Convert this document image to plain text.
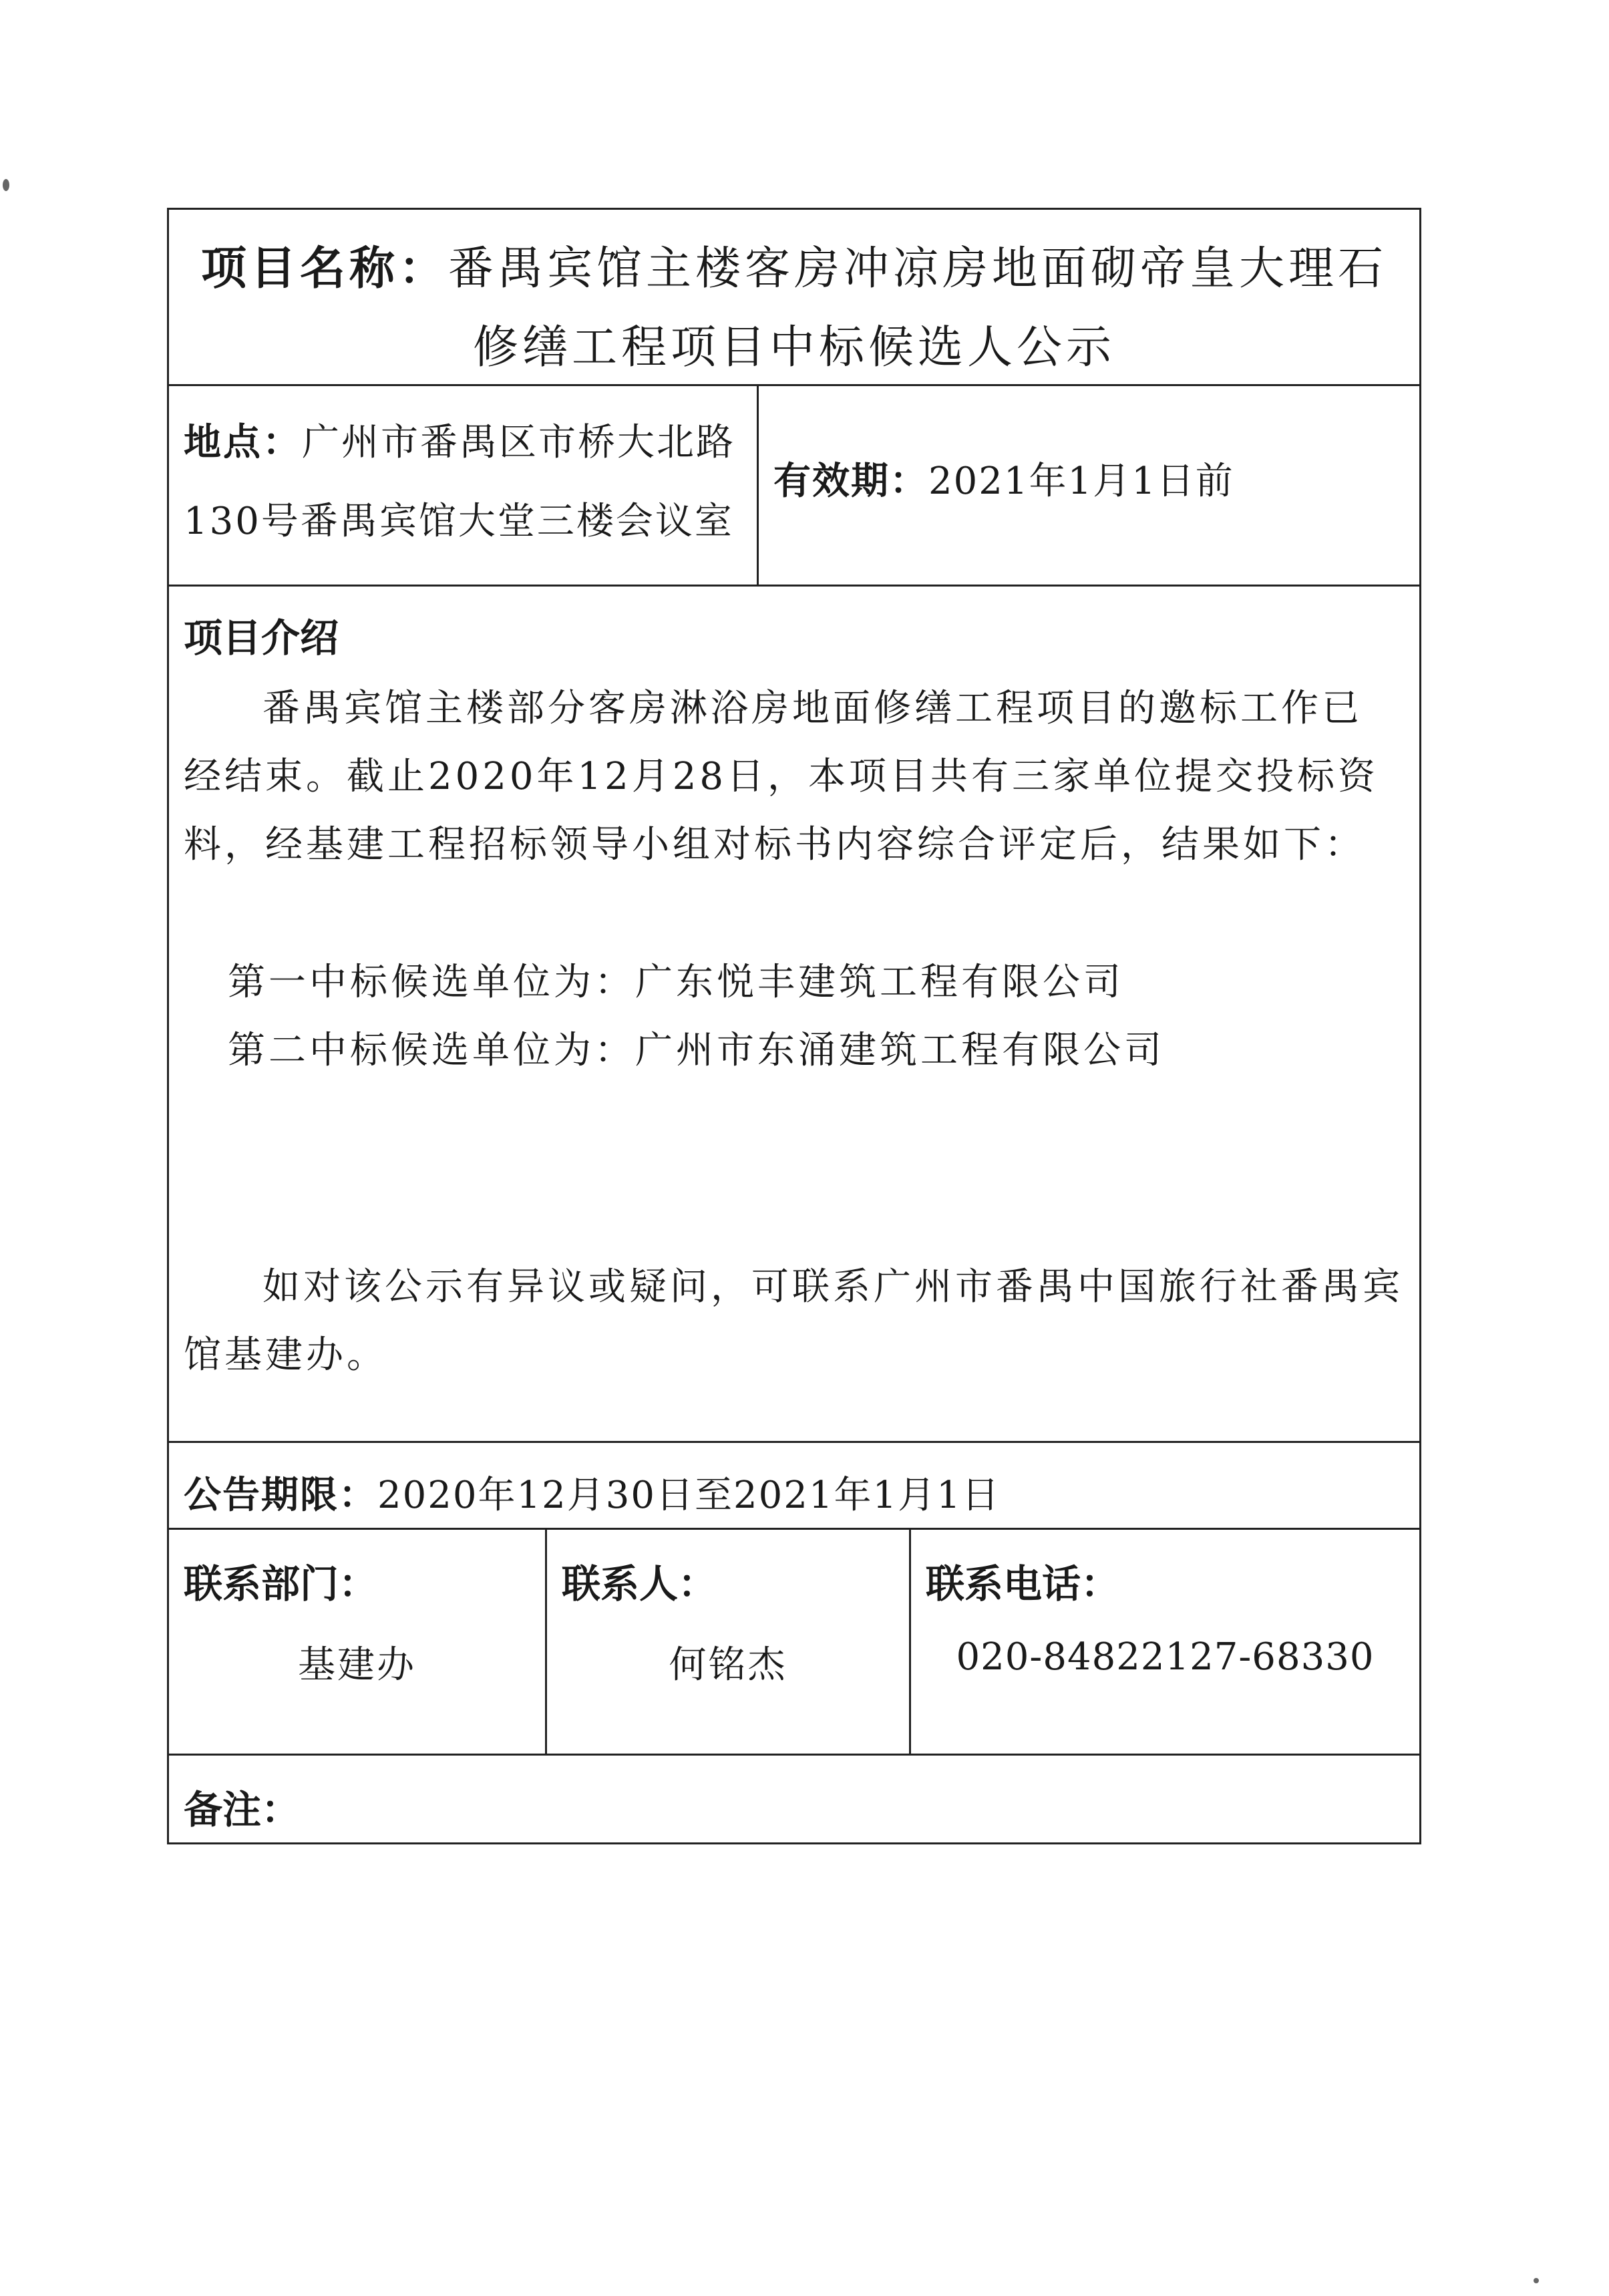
项目名称：番禺宾馆主楼客房冲凉房地面砌帝皇大理石
修缮工程项目中标候选人公示
地点：广州市番禺区市桥大北路
130号番禺宾馆大堂三楼会议室
有效期：2021年1月1日前
项目介绍
番禺宾馆主楼部分客房淋浴房地面修缮工程项目的邀标工作已
经结束。截止2020年12月28日，本项目共有三家单位提交投标资
料，经基建工程招标领导小组对标书内容综合评定后，结果如下：
第一中标候选单位为：广东悦丰建筑工程有限公司
第二中标候选单位为：广州市东涌建筑工程有限公司
如对该公示有异议或疑问，可联系广州市番禺中国旅行社番禺宾
馆基建办。
公告期限：2020年12月30日至2021年1月1日
联系部门：
基建办
联系人：
何铭杰
联系电话：
020-84822127-68330
备注：
